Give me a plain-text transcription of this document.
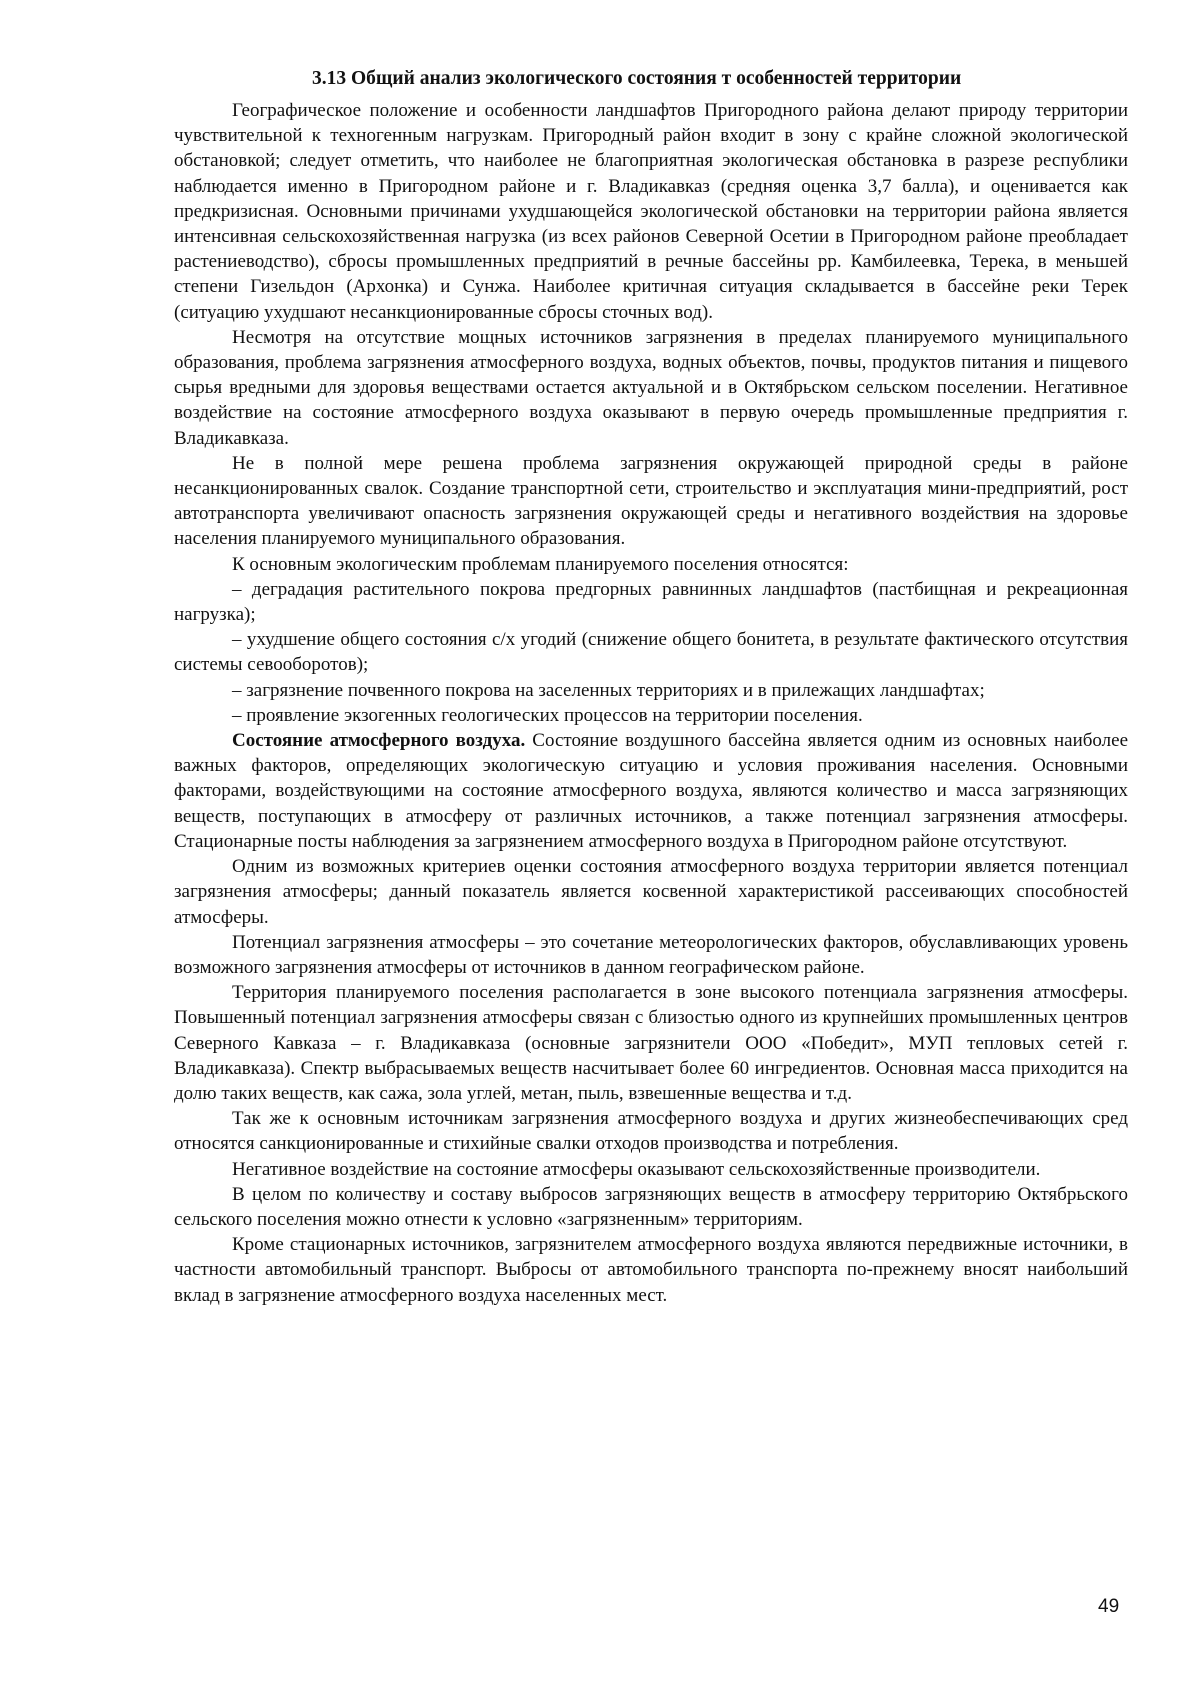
3.13 Общий анализ экологического состояния т особенностей территории

Географическое положение и особенности ландшафтов Пригородного района делают природу территории чувствительной к техногенным нагрузкам. Пригородный район входит в зону с крайне сложной экологической обстановкой; следует отметить, что наиболее не благоприятная экологическая обстановка в разрезе республики наблюдается именно в Пригородном районе и г. Владикавказ (средняя оценка 3,7 балла), и оценивается как предкризисная. Основными причинами ухудшающейся экологической обстановки на территории района является интенсивная сельскохозяйственная нагрузка (из всех районов Северной Осетии в Пригородном районе преобладает растениеводство), сбросы промышленных предприятий в речные бассейны рр. Камбилеевка, Терека, в меньшей степени Гизельдон (Архонка) и Сунжа. Наиболее критичная ситуация складывается в бассейне реки Терек (ситуацию ухудшают несанкционированные сбросы сточных вод).

Несмотря на отсутствие мощных источников загрязнения в пределах планируемого муниципального образования, проблема загрязнения атмосферного воздуха, водных объектов, почвы, продуктов питания и пищевого сырья вредными для здоровья веществами остается актуальной и в Октябрьском сельском поселении. Негативное воздействие на состояние атмосферного воздуха оказывают в первую очередь промышленные предприятия г. Владикавказа.

Не в полной мере решена проблема загрязнения окружающей природной среды в районе несанкционированных свалок. Создание транспортной сети, строительство и эксплуатация мини-предприятий, рост автотранспорта увеличивают опасность загрязнения окружающей среды и негативного воздействия на здоровье населения планируемого муниципального образования.

К основным экологическим проблемам планируемого поселения относятся:

– деградация растительного покрова предгорных равнинных ландшафтов (пастбищная и рекреационная нагрузка);

– ухудшение общего состояния с/х угодий (снижение общего бонитета, в результате фактического отсутствия системы севооборотов);

– загрязнение почвенного покрова на заселенных территориях и в прилежащих ландшафтах;

– проявление экзогенных геологических процессов на территории поселения.

Состояние атмосферного воздуха. Состояние воздушного бассейна является одним из основных наиболее важных факторов, определяющих экологическую ситуацию и условия проживания населения. Основными факторами, воздействующими на состояние атмосферного воздуха, являются количество и масса загрязняющих веществ, поступающих в атмосферу от различных источников, а также потенциал загрязнения атмосферы. Стационарные посты наблюдения за загрязнением атмосферного воздуха в Пригородном районе отсутствуют.

Одним из возможных критериев оценки состояния атмосферного воздуха территории является потенциал загрязнения атмосферы; данный показатель является косвенной характеристикой рассеивающих способностей атмосферы.

Потенциал загрязнения атмосферы – это сочетание метеорологических факторов, обуславливающих уровень возможного загрязнения атмосферы от источников в данном географическом районе.

Территория планируемого поселения располагается в зоне высокого потенциала загрязнения атмосферы. Повышенный потенциал загрязнения атмосферы связан с близостью одного из крупнейших промышленных центров Северного Кавказа – г. Владикавказа (основные загрязнители ООО «Победит», МУП тепловых сетей г. Владикавказа). Спектр выбрасываемых веществ насчитывает более 60 ингредиентов. Основная масса приходится на долю таких веществ, как сажа, зола углей, метан, пыль, взвешенные вещества и т.д.

Так же к основным источникам загрязнения атмосферного воздуха и других жизнеобеспечивающих сред относятся санкционированные и стихийные свалки отходов производства и потребления.

Негативное воздействие на состояние атмосферы оказывают сельскохозяйственные производители.

В целом по количеству и составу выбросов загрязняющих веществ в атмосферу территорию Октябрьского сельского поселения можно отнести к условно «загрязненным» территориям.

Кроме стационарных источников, загрязнителем атмосферного воздуха являются передвижные источники, в частности автомобильный транспорт. Выбросы от автомобильного транспорта по-прежнему вносят наибольший вклад в загрязнение атмосферного воздуха населенных мест.

49
